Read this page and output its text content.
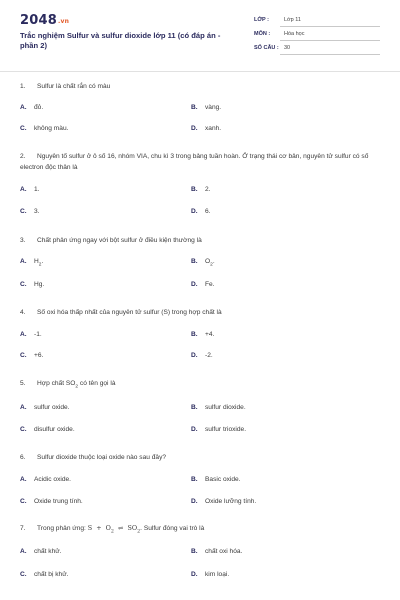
2048.vn
Trắc nghiệm Sulfur và sulfur dioxide lớp 11 (có đáp án - phần 2)
LỚP :	Lớp 11
MÔN :	Hóa học
SỐ CÂU : 30
1. Sulfur là chất rắn có màu
A. đỏ.	B. vàng.
C. không màu.	D. xanh.
2. Nguyên tố sulfur ở ô số 16, nhóm VIA, chu kì 3 trong bảng tuần hoàn. Ở trạng thái cơ bản, nguyên tử sulfur có số electron độc thân là
A. 1.	B. 2.
C. 3.	D. 6.
3. Chất phản ứng ngay với bột sulfur ở điều kiện thường là
A. $H_2$.	B. $O_2$.
C. Hg.	D. Fe.
4. Số oxi hóa thấp nhất của nguyên tử sulfur (S) trong hợp chất là
A. -1.	B. +4.
C. +6.	D. -2.
5. Hợp chất $SO_2$ có tên gọi là
A. sulfur oxide.	B. sulfur dioxide.
C. disulfur oxide.	D. sulfur trioxide.
6. Sulfur dioxide thuộc loại oxide nào sau đây?
A. Acidic oxide.	B. Basic oxide.
C. Oxide trung tính.	D. Oxide lưỡng tính.
7. Trong phản ứng: $S + O_2$ ⇌ $SO_2$. Sulfur đóng vai trò là
A. chất khử.	B. chất oxi hóa.
C. chất bị khử.	D. kim loại.
